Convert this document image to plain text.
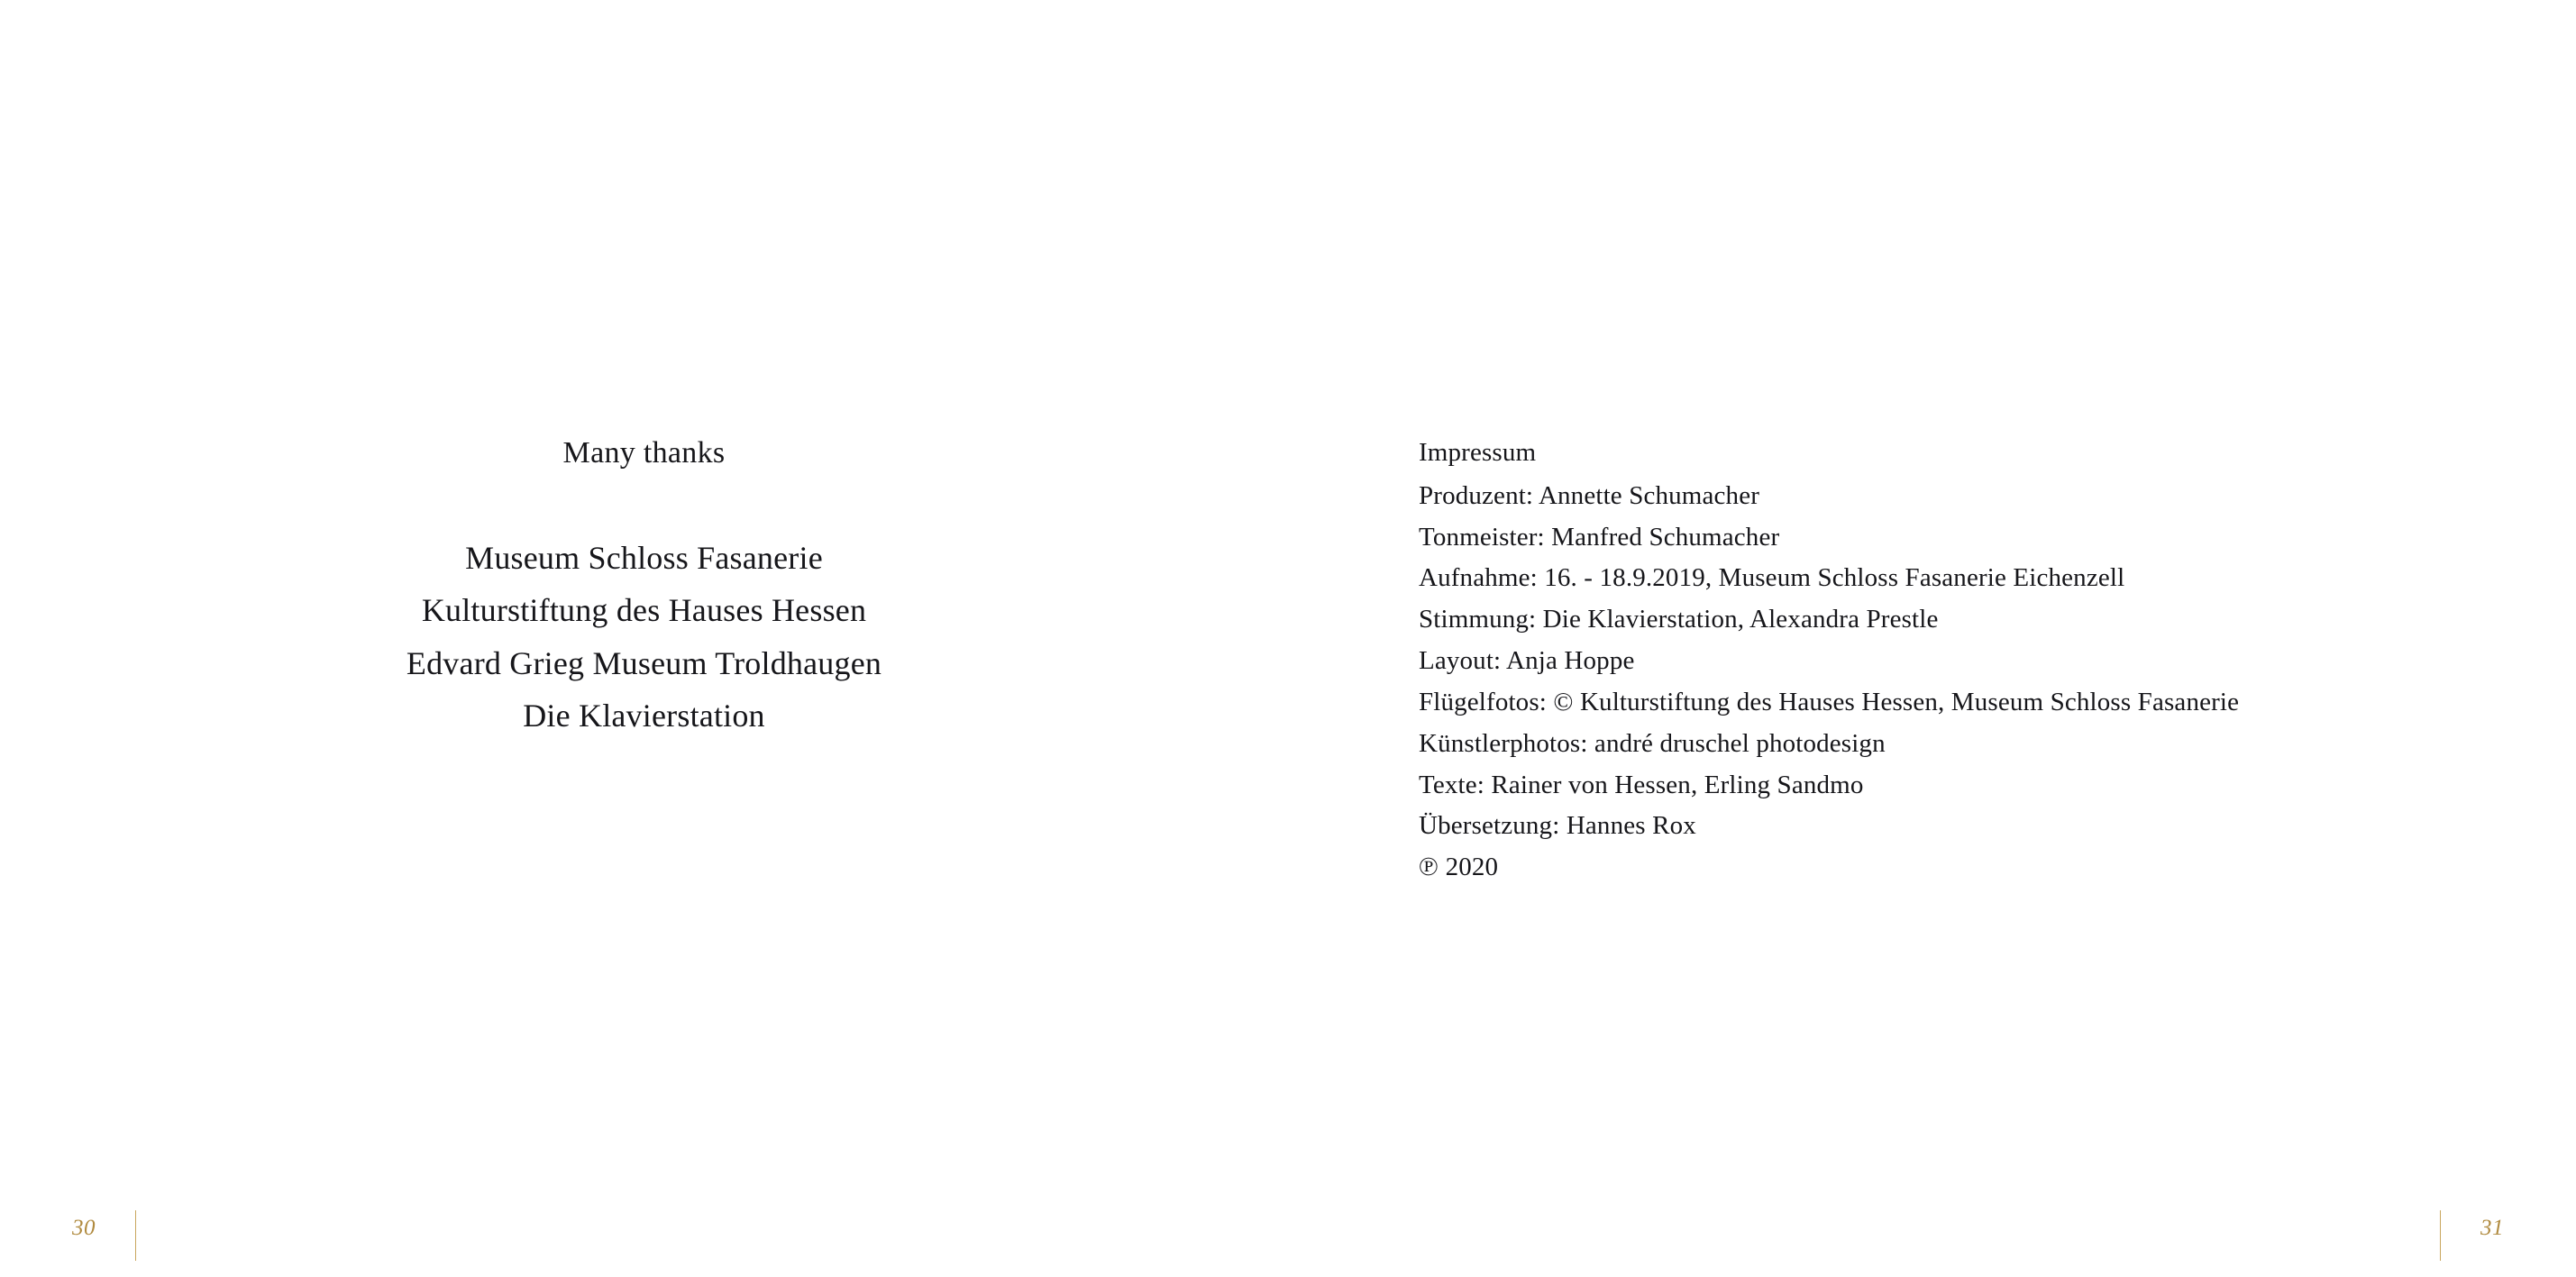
Many thanks
Museum Schloss Fasanerie
Kulturstiftung des Hauses Hessen
Edvard Grieg Museum Troldhaugen
Die Klavierstation
30
Impressum
Produzent: Annette Schumacher
Tonmeister: Manfred Schumacher
Aufnahme: 16. - 18.9.2019, Museum Schloss Fasanerie Eichenzell
Stimmung: Die Klavierstation, Alexandra Prestle
Layout: Anja Hoppe
Flügelfotos: © Kulturstiftung des Hauses Hessen, Museum Schloss Fasanerie
Künstlerphotos: andré druschel photodesign
Texte: Rainer von Hessen, Erling Sandmo
Übersetzung: Hannes Rox
℗ 2020
31
